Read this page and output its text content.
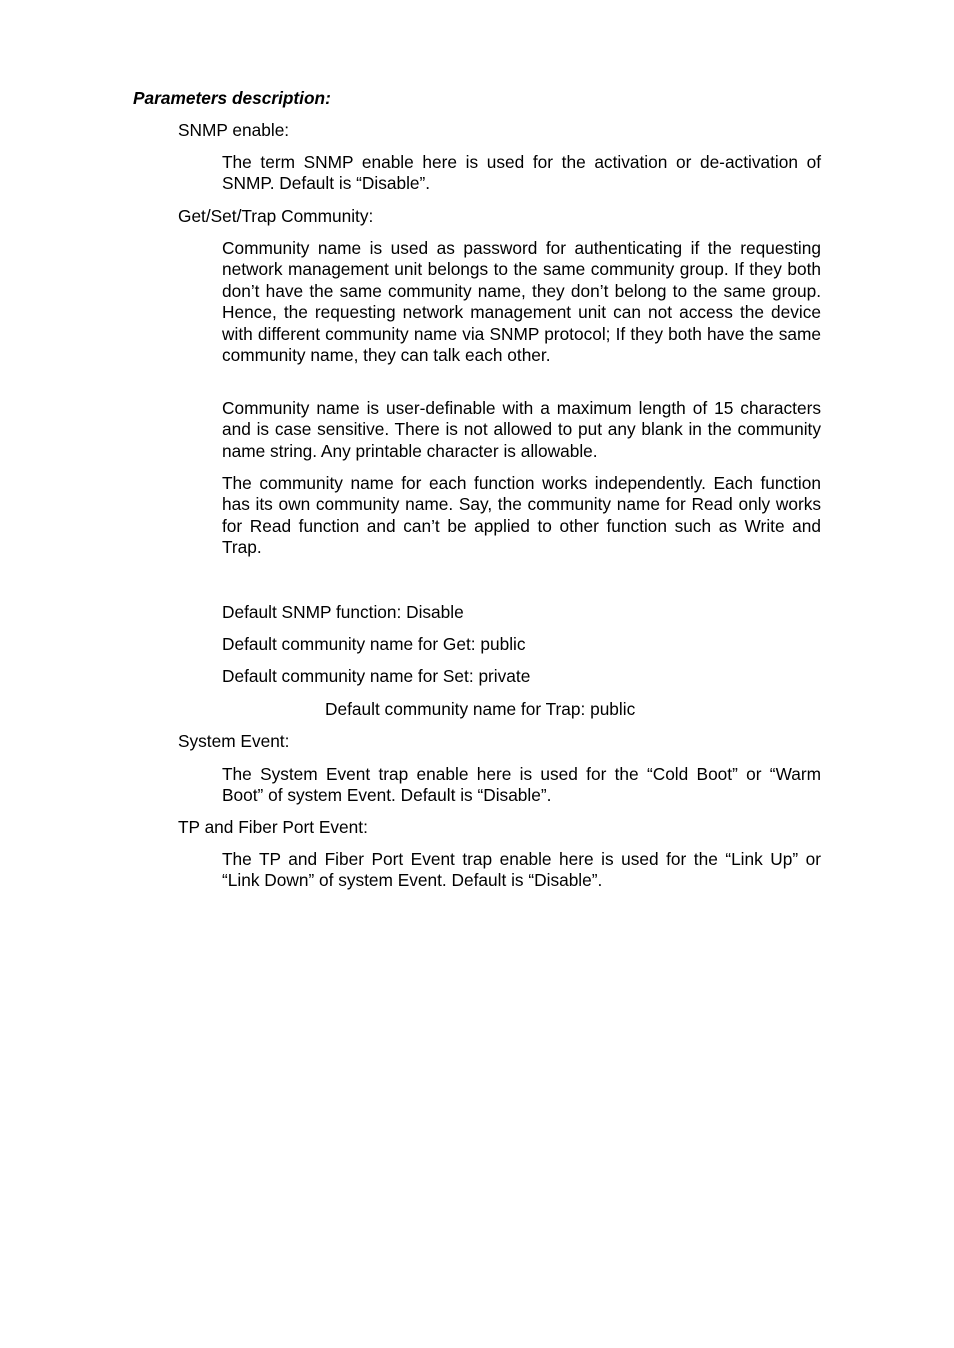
Parameters description:
SNMP enable:
The term SNMP enable here is used for the activation or de-activation of SNMP. Default is “Disable”.
Get/Set/Trap Community:
Community name is used as password for authenticating if the requesting network management unit belongs to the same community group. If they both don’t have the same community name, they don’t belong to the same group. Hence, the requesting network management unit can not access the device with different community name via SNMP protocol; If they both have the same community name, they can talk each other.
Community name is user-definable with a maximum length of 15 characters and is case sensitive. There is not allowed to put any blank in the community name string. Any printable character is allowable.
The community name for each function works independently. Each function has its own community name. Say, the community name for Read only works for Read function and can’t be applied to other function such as Write and Trap.
Default SNMP function: Disable
Default community name for Get: public
Default community name for Set: private
Default community name for Trap: public
System Event:
The System Event trap enable here is used for the “Cold Boot” or “Warm Boot” of system Event. Default is “Disable”.
TP and Fiber Port Event:
The TP and Fiber Port Event trap enable here is used for the “Link Up” or “Link Down” of system Event. Default is “Disable”.
